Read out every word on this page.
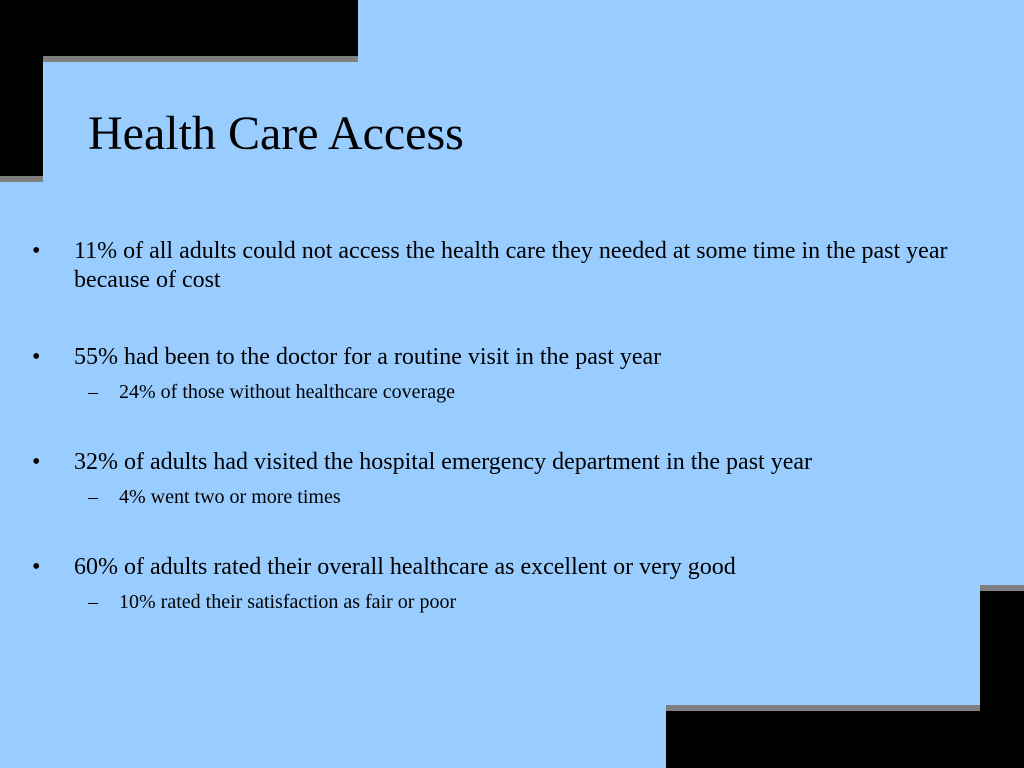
Health Care Access
• 11% of all adults could not access the health care they needed at some time in the past year because of cost
• 55% had been to the doctor for a routine visit in the past year
– 24% of those without healthcare coverage
• 32% of adults had visited the hospital emergency department in the past year
– 4% went two or more times
• 60% of adults rated their overall healthcare as excellent or very good
– 10% rated their satisfaction as fair or poor
